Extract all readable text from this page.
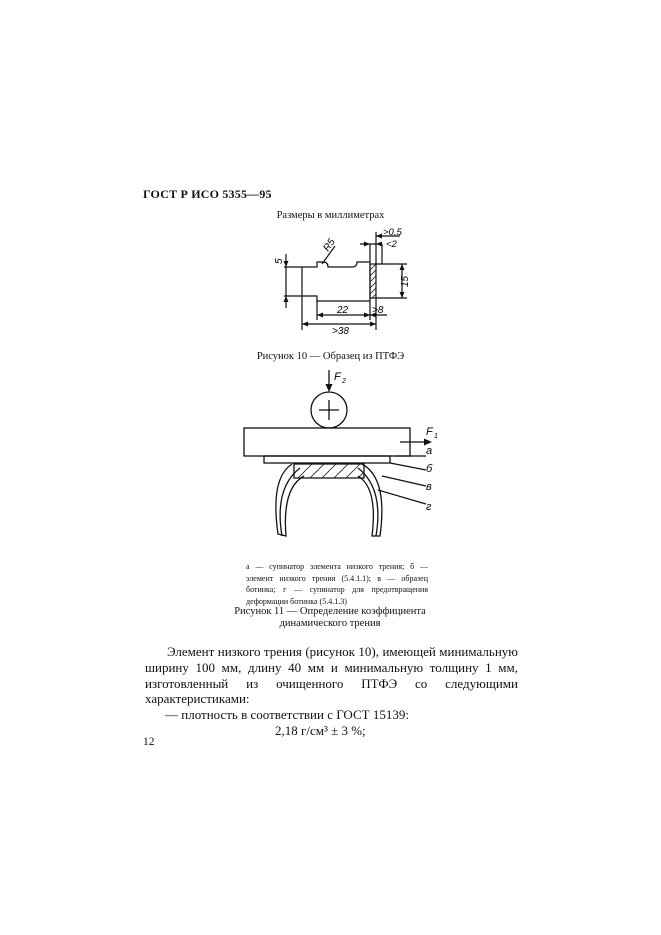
ГОСТ Р ИСО 5355—95
Размеры в миллиметрах
5
15
22 >8
>38
>0,5
<2
R5
Рисунок 10 — Образец из ПТФЭ
F 2
F 1
а
б
в
г
а — супинатор элемента низкого трения; б — элемент низкого трения (5.4.1.1); в — образец ботинка; г — супинатор для предотвращения деформации ботинка (5.4.1.3)
Рисунок 11 — Определение коэффициента
динамического трения

Элемент низкого трения (рисунок 10), имеющей минимальную ширину 100 мм, длину 40 мм и минимальную толщину 1 мм, изготовленный из очищенного ПТФЭ со следующими характеристиками:

— плотность в соответствии с ГОСТ 15139:

2,18 г/см³ ± 3 %;

12
